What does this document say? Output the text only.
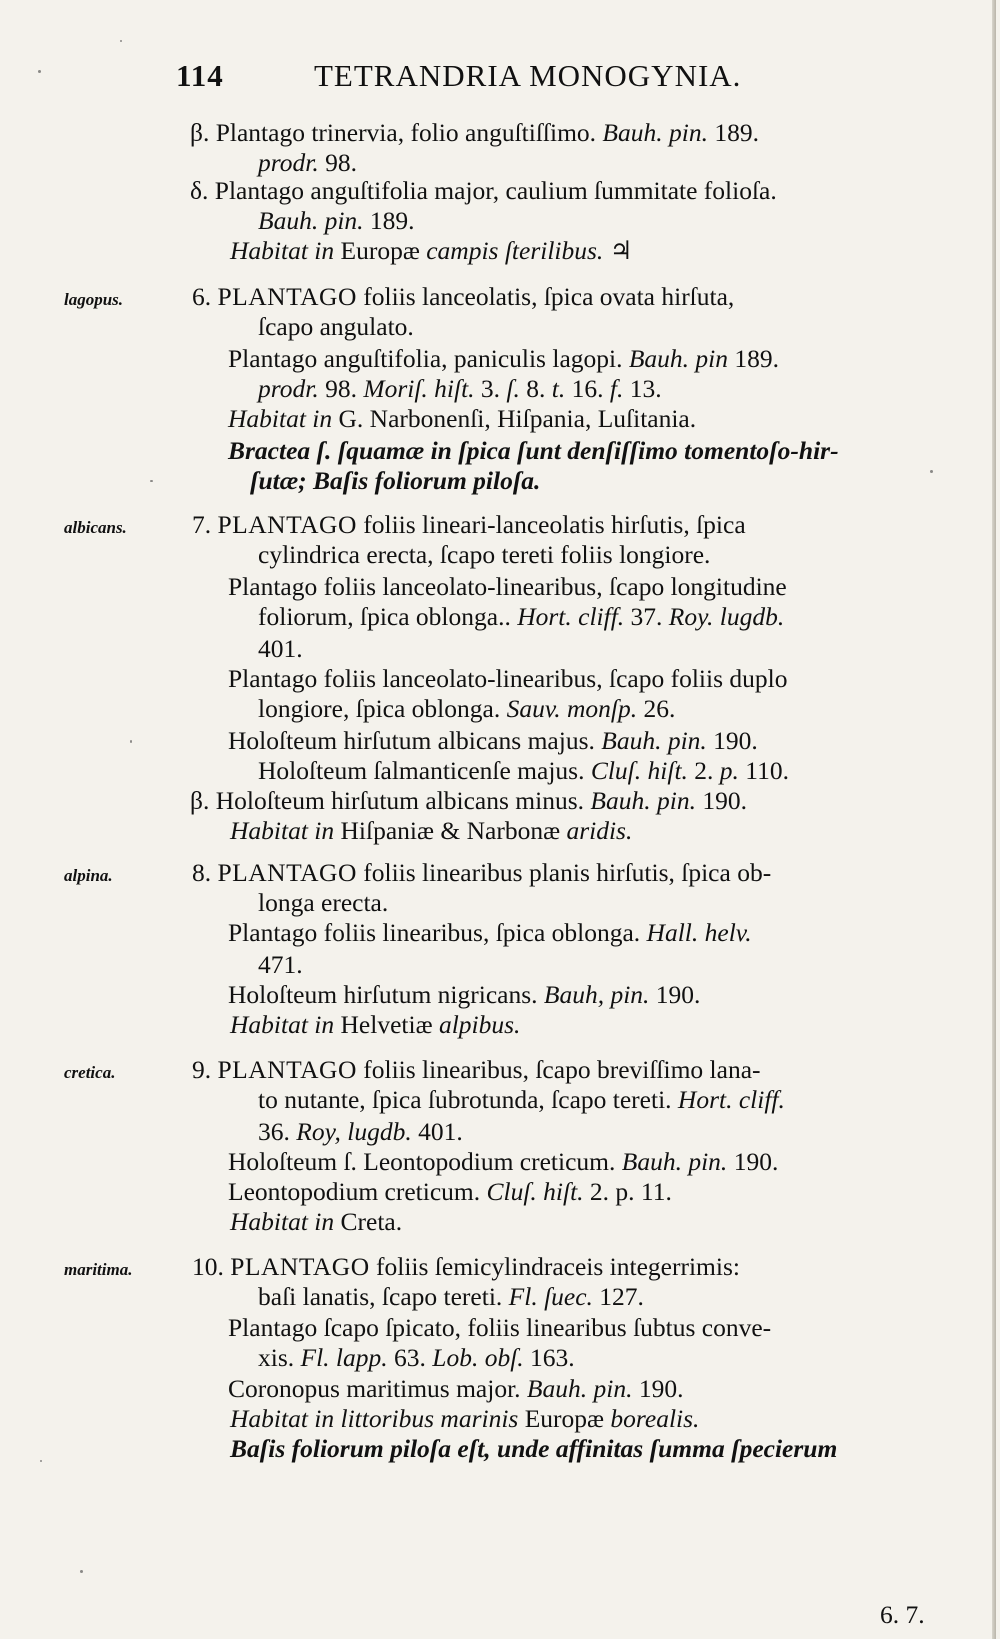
114	TETRANDRIA MONOGYNIA.
β. Plantago trinervia, folio anguſtiſſimo. Bauh. pin. 189.
prodr. 98.
δ. Plantago anguſtifolia major, caulium ſummitate folioſa.
Bauh. pin. 189.
Habitat in Europæ campis ſterilibus. ♃
6. PLANTAGO foliis lanceolatis, ſpica ovata hirſuta,
ſcapo angulato.
Plantago anguſtifolia, paniculis lagopi. Bauh. pin 189.
prodr. 98. Moriſ. hiſt. 3. ſ. 8. t. 16. f. 13.
Habitat in G. Narbonenſi, Hiſpania, Luſitania.
Bractea ſ. ſquamæ in ſpica ſunt denſiſſimo tomentoſo-hir-
ſutæ; Baſis foliorum piloſa.
7. PLANTAGO foliis lineari-lanceolatis hirſutis, ſpica
cylindrica erecta, ſcapo tereti foliis longiore.
Plantago foliis lanceolato-linearibus, ſcapo longitudine
foliorum, ſpica oblonga.. Hort. cliff. 37. Roy. lugdb.
401.
Plantago foliis lanceolato-linearibus, ſcapo foliis duplo
longiore, ſpica oblonga. Sauv. monſp. 26.
Holoſteum hirſutum albicans majus. Bauh. pin. 190.
Holoſteum ſalmanticenſe majus. Cluſ. hiſt. 2. p. 110.
β. Holoſteum hirſutum albicans minus. Bauh. pin. 190.
Habitat in Hiſpaniæ & Narbonæ aridis.
8. PLANTAGO foliis linearibus planis hirſutis, ſpica ob-
longa erecta.
Plantago foliis linearibus, ſpica oblonga. Hall. helv.
471.
Holoſteum hirſutum nigricans. Bauh, pin. 190.
Habitat in Helvetiæ alpibus.
9. PLANTAGO foliis linearibus, ſcapo breviſſimo lana-
to nutante, ſpica ſubrotunda, ſcapo tereti. Hort. cliff.
36. Roy, lugdb. 401.
Holoſteum ſ. Leontopodium creticum. Bauh. pin. 190.
Leontopodium creticum. Cluſ. hiſt. 2. p. 11.
Habitat in Creta.
10. PLANTAGO foliis ſemicylindraceis integerrimis:
baſi lanatis, ſcapo tereti. Fl. ſuec. 127.
Plantago ſcapo ſpicato, foliis linearibus ſubtus conve-
xis. Fl. lapp. 63. Lob. obſ. 163.
Coronopus maritimus major. Bauh. pin. 190.
Habitat in littoribus marinis Europæ borealis.
Baſis foliorum piloſa eſt, unde affinitas ſumma ſpecierum
lagopus.
albicans.
alpina.
cretica.
maritima.
6. 7.
